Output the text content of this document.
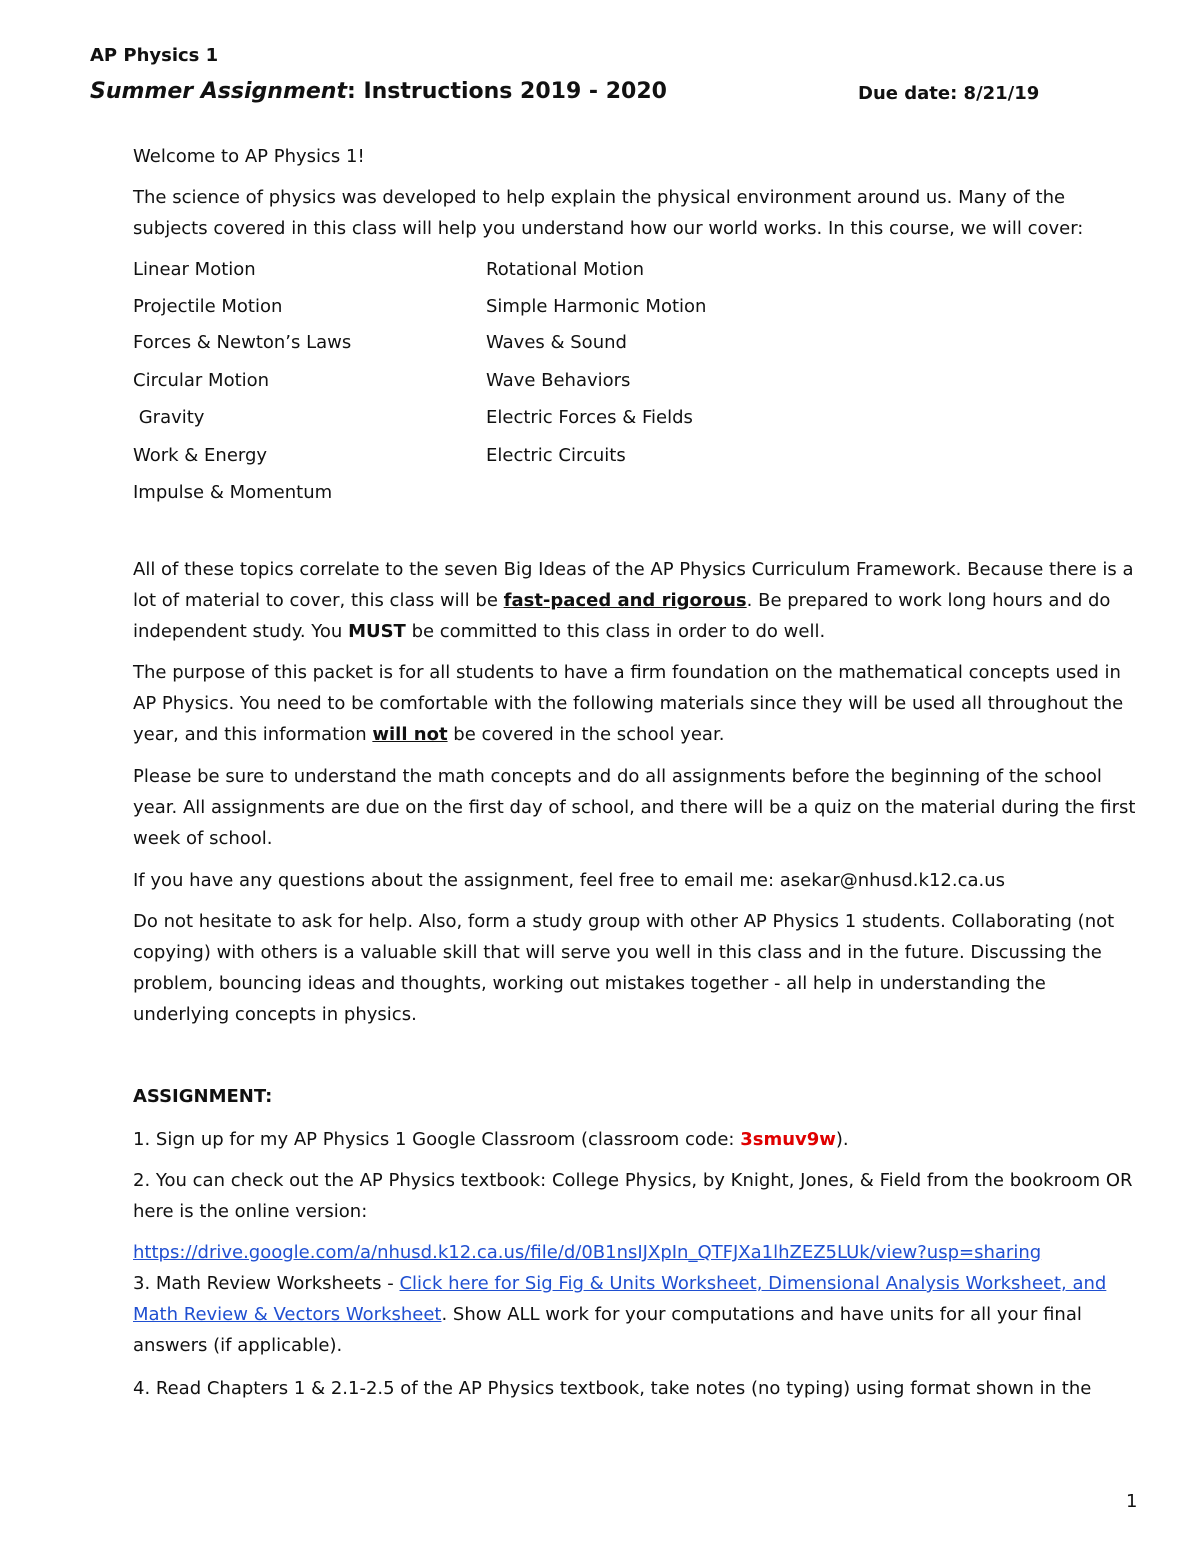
AP Physics 1
Summer Assignment: Instructions 2019 - 2020	Due date: 8/21/19

Welcome to AP Physics 1!

The science of physics was developed to help explain the physical environment around us. Many of the subjects covered in this class will help you understand how our world works. In this course, we will cover:

Linear Motion
Projectile Motion
Forces & Newton’s Laws
Circular Motion
Gravity
Work & Energy
Impulse & Momentum
Rotational Motion
Simple Harmonic Motion
Waves & Sound
Wave Behaviors
Electric Forces & Fields
Electric Circuits

All of these topics correlate to the seven Big Ideas of the AP Physics Curriculum Framework. Because there is a lot of material to cover, this class will be fast-paced and rigorous. Be prepared to work long hours and do independent study. You MUST be committed to this class in order to do well.

The purpose of this packet is for all students to have a firm foundation on the mathematical concepts used in AP Physics. You need to be comfortable with the following materials since they will be used all throughout the year, and this information will not be covered in the school year.

Please be sure to understand the math concepts and do all assignments before the beginning of the school year. All assignments are due on the first day of school, and there will be a quiz on the material during the first week of school.

If you have any questions about the assignment, feel free to email me: asekar@nhusd.k12.ca.us

Do not hesitate to ask for help. Also, form a study group with other AP Physics 1 students. Collaborating (not copying) with others is a valuable skill that will serve you well in this class and in the future. Discussing the problem, bouncing ideas and thoughts, working out mistakes together - all help in understanding the underlying concepts in physics.

ASSIGNMENT:

1. Sign up for my AP Physics 1 Google Classroom (classroom code: 3smuv9w).

2. You can check out the AP Physics textbook: College Physics, by Knight, Jones, & Field from the bookroom OR here is the online version:

https://drive.google.com/a/nhusd.k12.ca.us/file/d/0B1nsIJXpIn_QTFJXa1lhZEZ5LUk/view?usp=sharing

3. Math Review Worksheets - Click here for Sig Fig & Units Worksheet, Dimensional Analysis Worksheet, and Math Review & Vectors Worksheet. Show ALL work for your computations and have units for all your final answers (if applicable).

4. Read Chapters 1 & 2.1-2.5 of the AP Physics textbook, take notes (no typing) using format shown in the

1
